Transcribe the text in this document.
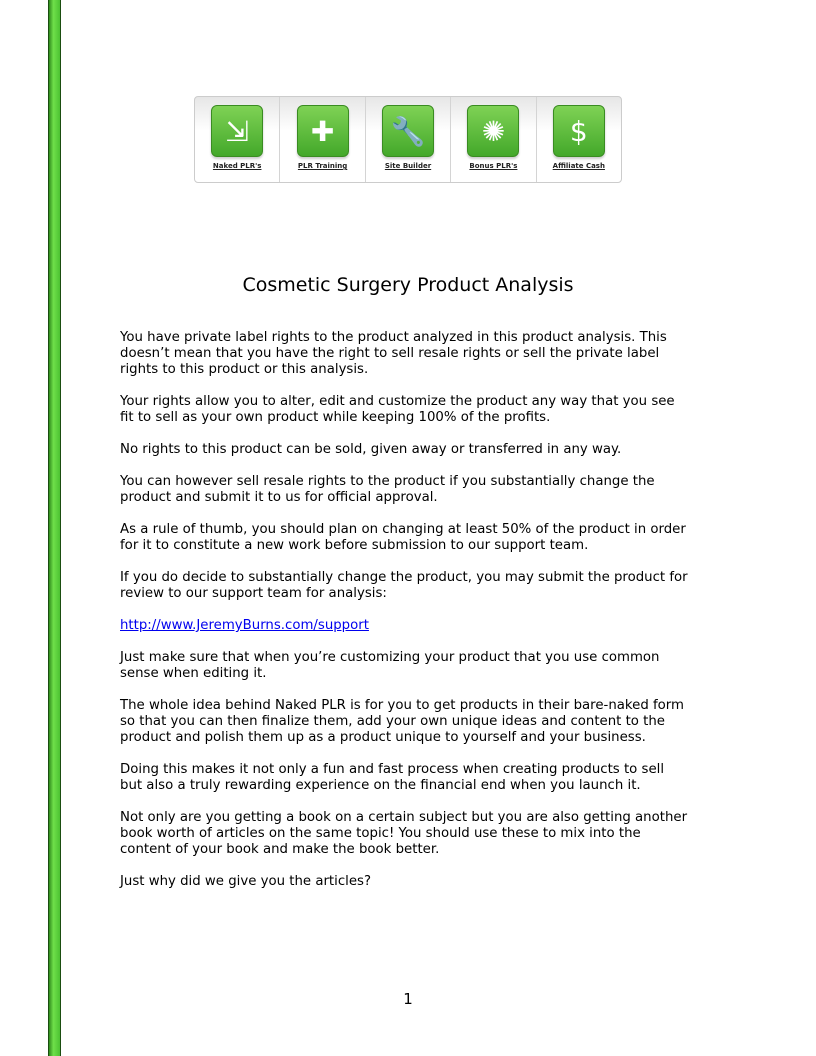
⇲
Naked PLR's
✚
PLR Training
🔧
Site Builder
✺
Bonus PLR's
$
Affiliate Cash
Cosmetic Surgery Product Analysis

You have private label rights to the product analyzed in this product analysis. This
doesn’t mean that you have the right to sell resale rights or sell the private label
rights to this product or this analysis.

Your rights allow you to alter, edit and customize the product any way that you see
fit to sell as your own product while keeping 100% of the profits.

No rights to this product can be sold, given away or transferred in any way.

You can however sell resale rights to the product if you substantially change the
product and submit it to us for official approval.

As a rule of thumb, you should plan on changing at least 50% of the product in order
for it to constitute a new work before submission to our support team.

If you do decide to substantially change the product, you may submit the product for
review to our support team for analysis:

http://www.JeremyBurns.com/support

Just make sure that when you’re customizing your product that you use common
sense when editing it.

The whole idea behind Naked PLR is for you to get products in their bare-naked form
so that you can then finalize them, add your own unique ideas and content to the
product and polish them up as a product unique to yourself and your business.

Doing this makes it not only a fun and fast process when creating products to sell
but also a truly rewarding experience on the financial end when you launch it.

Not only are you getting a book on a certain subject but you are also getting another
book worth of articles on the same topic! You should use these to mix into the
content of your book and make the book better.

Just why did we give you the articles?

1
